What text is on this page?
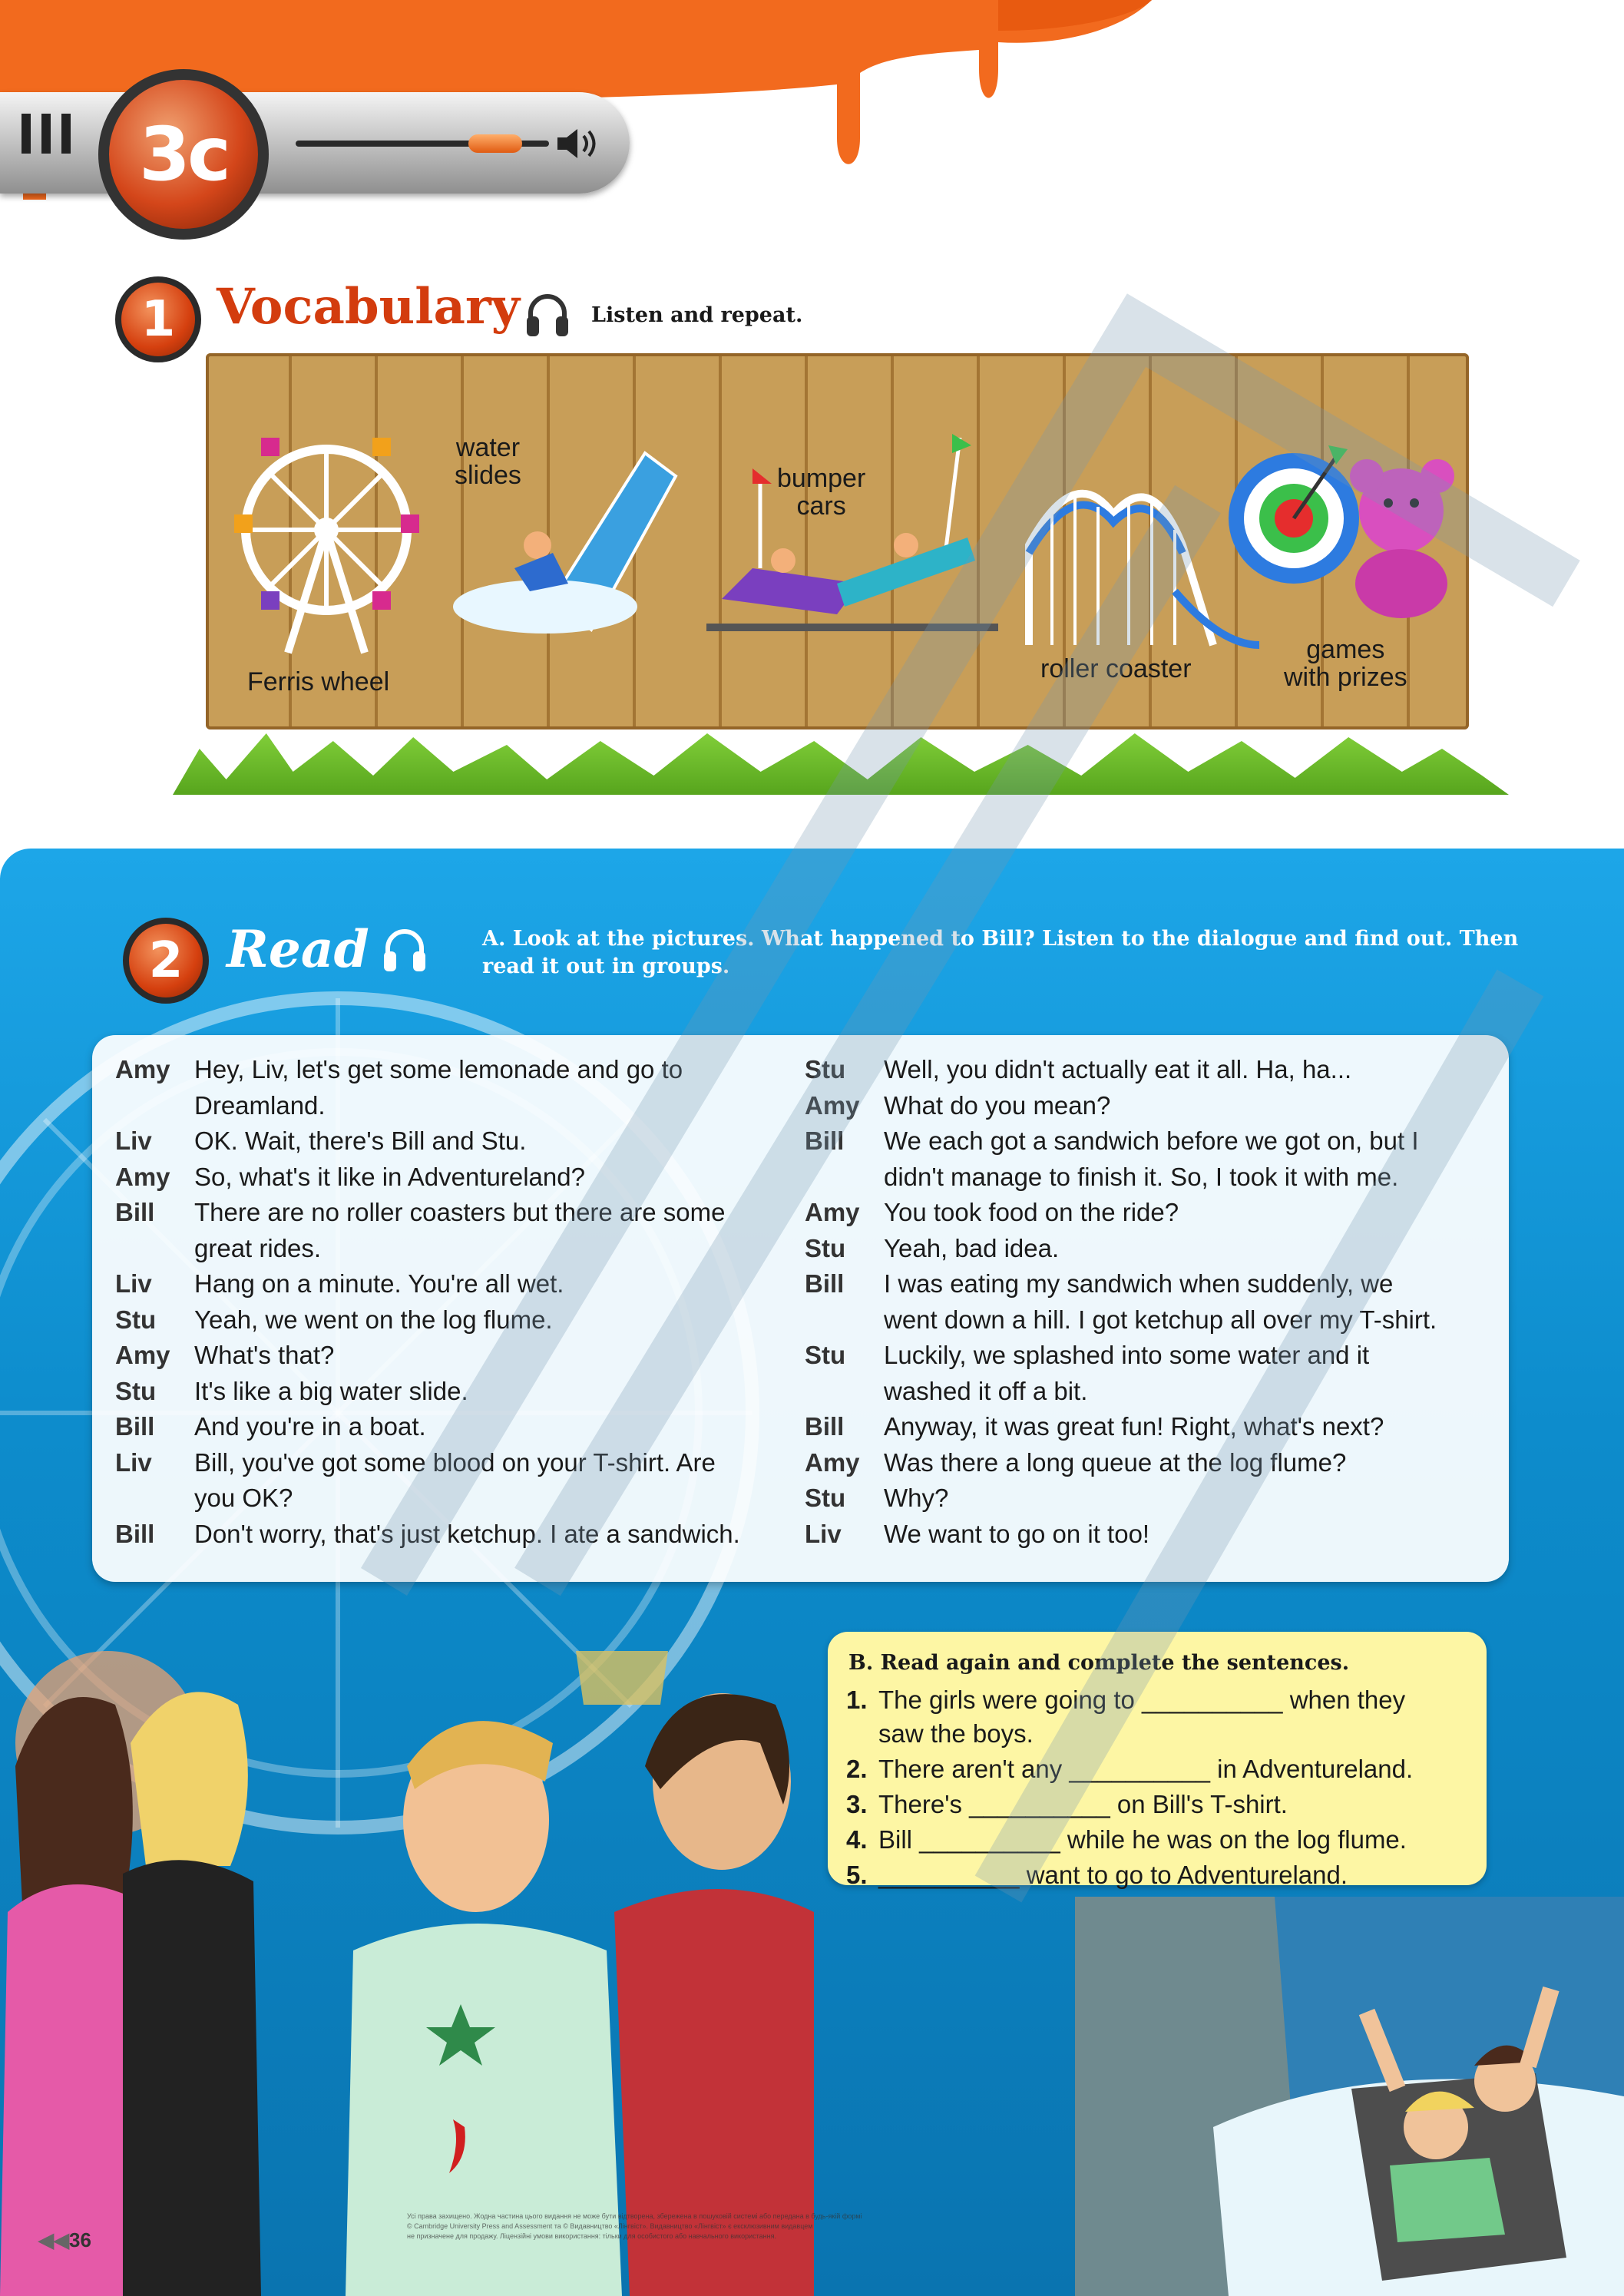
3c
1 Vocabulary	Listen and repeat.
Ferris wheel
water
slides	bumper
cars
roller coaster
games
with prizes
2 Read	A. Look at the pictures. What happened to Bill? Listen to the dialogue and find out. Then
read it out in groups.
Amy Hey, Liv, let's get some lemonade and go to
Dreamland.
Liv	OK. Wait, there's Bill and Stu.
Amy So, what's it like in Adventureland?
Bill	There are no roller coasters but there are some
great rides.
Liv	Hang on a minute. You're all wet.
Stu	Yeah, we went on the log flume.
Amy What's that?
Stu	It's like a big water slide.
Bill	And you're in a boat.
Liv	Bill, you've got some blood on your T-shirt. Are
you OK?
Bill	Don't worry, that's just ketchup. I ate a sandwich.
Stu	Well, you didn't actually eat it all. Ha, ha...
Amy What do you mean?
Bill	We each got a sandwich before we got on, but I
didn't manage to finish it. So, I took it with me.
Amy You took food on the ride?
Stu	Yeah, bad idea.
Bill	I was eating my sandwich when suddenly, we
went down a hill. I got ketchup all over my T-shirt.
Stu	Luckily, we splashed into some water and it
washed it off a bit.
Bill	Anyway, it was great fun! Right, what's next?
Amy Was there a long queue at the log flume?
Stu	Why?
Liv	We want to go on it too!
B. Read again and complete the sentences.
1. The girls were going to __________ when they
saw the boys.
2. There aren't any __________ in Adventureland.
3. There's __________ on Bill's T-shirt.
4. Bill __________ while he was on the log flume.
5. __________ want to go to Adventureland.
◀◀36
Усі права захищено. Жодна частина цього видання не може бути відтворена, збережена в пошуковій системі або передана в будь-якій формі
© Cambridge University Press and Assessment та © Видавництво «Лінгвіст». Видавництво «Лінгвіст» є ексклюзивним видавцем
не призначене для продажу. Ліцензійні умови використання: тільки для особистого або навчального використання.
